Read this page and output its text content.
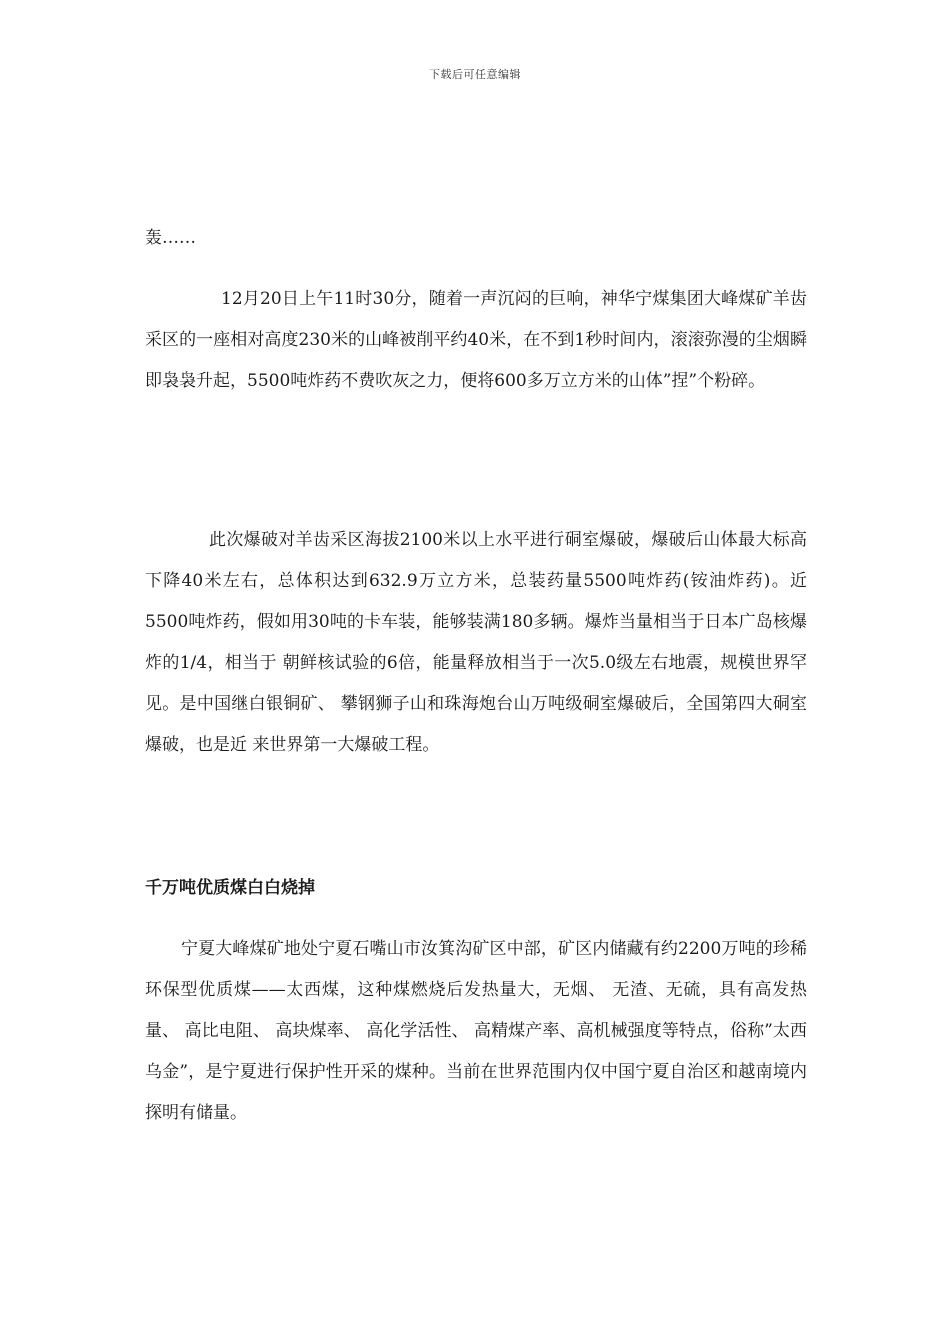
下载后可任意编辑

轰……

12月20日上午11时30分，随着一声沉闷的巨响，神华宁煤集团大峰煤矿羊齿采区的一座相对高度230米的山峰被削平约40米，在不到1秒时间内，滚滚弥漫的尘烟瞬即袅袅升起，5500吨炸药不费吹灰之力，便将600多万立方米的山体”捏”个粉碎。

此次爆破对羊齿采区海拔2100米以上水平进行硐室爆破，爆破后山体最大标高下降40米左右，总体积达到632.9万立方米，总装药量5500吨炸药(铵油炸药)。近5500吨炸药，假如用30吨的卡车装，能够装满180多辆。爆炸当量相当于日本广岛核爆炸的1/4，相当于 朝鲜核试验的6倍，能量释放相当于一次5.0级左右地震，规模世界罕见。是中国继白银铜矿、 攀钢狮子山和珠海炮台山万吨级硐室爆破后，全国第四大硐室爆破，也是近 来世界第一大爆破工程。

千万吨优质煤白白烧掉

宁夏大峰煤矿地处宁夏石嘴山市汝箕沟矿区中部，矿区内储藏有约2200万吨的珍稀环保型优质煤——太西煤，这种煤燃烧后发热量大，无烟、 无渣、无硫，具有高发热量、 高比电阻、 高块煤率、 高化学活性、 高精煤产率、高机械强度等特点，俗称”太西乌金”，是宁夏进行保护性开采的煤种。当前在世界范围内仅中国宁夏自治区和越南境内探明有储量。
